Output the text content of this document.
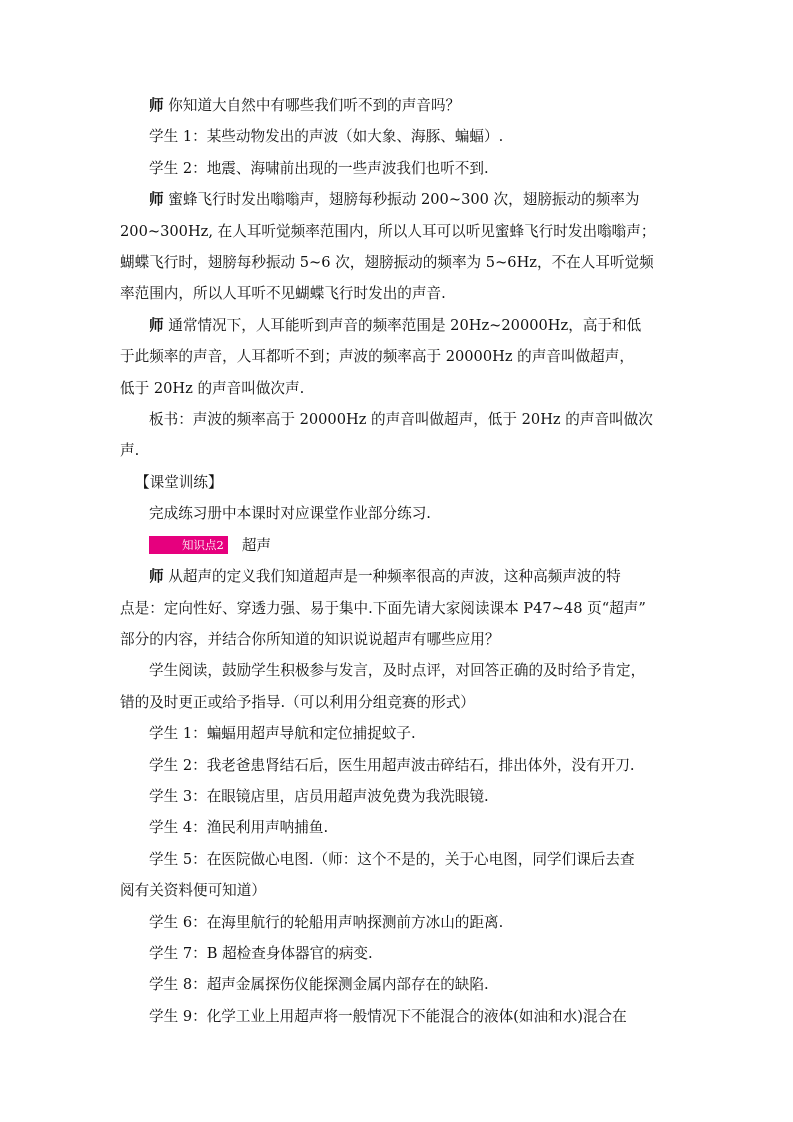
师 你知道大自然中有哪些我们听不到的声音吗？

学生 1：某些动物发出的声波（如大象、海豚、蝙蝠）.

学生 2：地震、海啸前出现的一些声波我们也听不到.

师 蜜蜂飞行时发出嗡嗡声，翅膀每秒振动 200~300 次，翅膀振动的频率为

200~300Hz, 在人耳听觉频率范围内，所以人耳可以听见蜜蜂飞行时发出嗡嗡声；

蝴蝶飞行时，翅膀每秒振动 5~6 次，翅膀振动的频率为 5~6Hz，不在人耳听觉频

率范围内，所以人耳听不见蝴蝶飞行时发出的声音.

师 通常情况下，人耳能听到声音的频率范围是 20Hz~20000Hz，高于和低

于此频率的声音，人耳都听不到；声波的频率高于 20000Hz 的声音叫做超声，

低于 20Hz 的声音叫做次声.

板书：声波的频率高于 20000Hz 的声音叫做超声，低于 20Hz 的声音叫做次

声.

【课堂训练】

完成练习册中本课时对应课堂作业部分练习.

知识点2 超声

师 从超声的定义我们知道超声是一种频率很高的声波，这种高频声波的特

点是：定向性好、穿透力强、易于集中.下面先请大家阅读课本 P47~48 页“超声”

部分的内容，并结合你所知道的知识说说超声有哪些应用？

学生阅读，鼓励学生积极参与发言，及时点评，对回答正确的及时给予肯定，

错的及时更正或给予指导.（可以利用分组竞赛的形式）

学生 1：蝙蝠用超声导航和定位捕捉蚊子.

学生 2：我老爸患肾结石后，医生用超声波击碎结石，排出体外，没有开刀.

学生 3：在眼镜店里，店员用超声波免费为我洗眼镜.

学生 4：渔民利用声呐捕鱼.

学生 5：在医院做心电图.（师：这个不是的，关于心电图，同学们课后去查

阅有关资料便可知道）

学生 6：在海里航行的轮船用声呐探测前方冰山的距离.

学生 7：B 超检查身体器官的病变.

学生 8：超声金属探伤仪能探测金属内部存在的缺陷.

学生 9：化学工业上用超声将一般情况下不能混合的液体(如油和水)混合在
